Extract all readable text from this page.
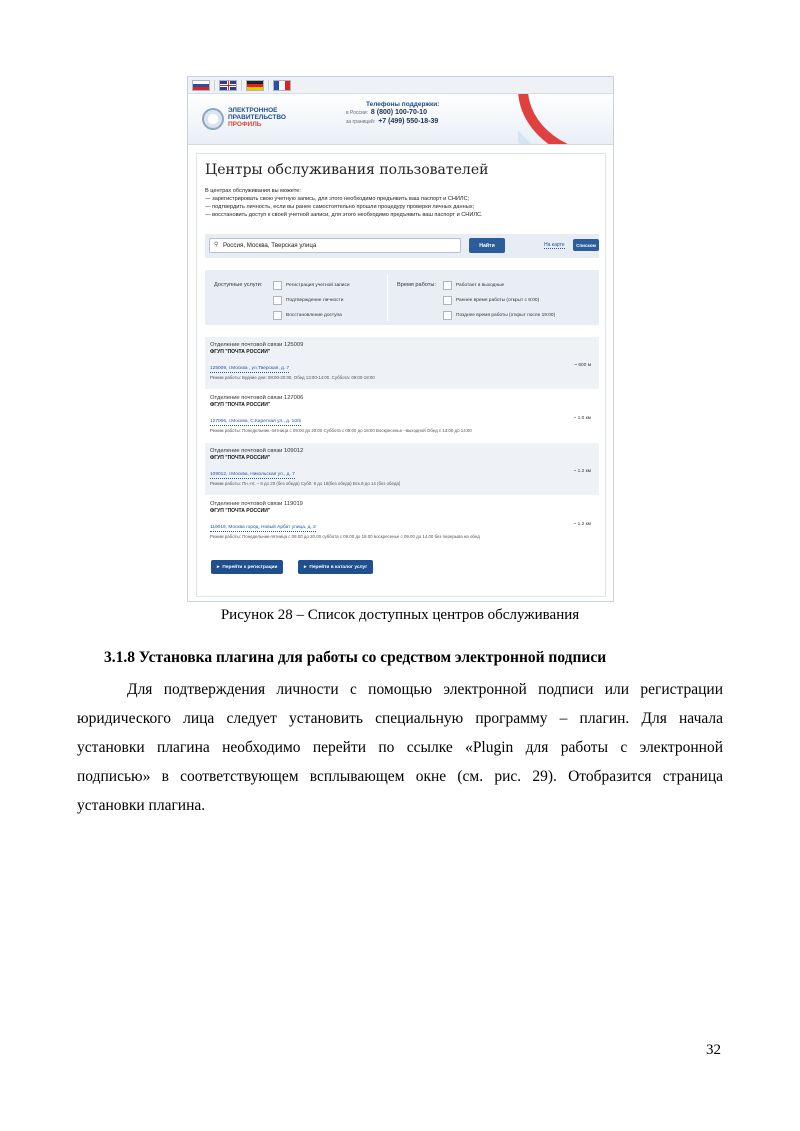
ЭЛЕКТРОННОЕ
ПРАВИТЕЛЬСТВО
ПРОФИЛЬ
Телефоны поддержки:
в России: 8 (800) 100-70-10
за границей: +7 (499) 550-18-39
Центры обслуживания пользователей
В центрах обслуживания вы можете:
— зарегистрировать свою учетную запись, для этого необходимо предъявить ваш паспорт и СНИЛС;
— подтвердить личность, если вы ранее самостоятельно прошли процедуру проверки личных данных;
— восстановить доступ к своей учетной записи, для этого необходимо предъявить ваш паспорт и СНИЛС.
⚲ Россия, Москва, Тверская улица	Найти	На карте	Списком
Доступные услуги:	Регистрация учетной записи
Подтверждение личности
Восстановление доступа
Время работы:	Работает в выходные
Раннее время работы (открыт с 8:00)
Позднее время работы (открыт после 19:00)
Отделение почтовой связи 125009
ФГУП "ПОЧТА РОССИИ"
125009, г.Москва , ул.Тверская, д. 7
Режим работы: Будние дни: 08:00-20:00, Обед 13:00-14:00. Суббота: 09:00-18:00
~ 600 м
Отделение почтовой связи 127006
ФГУП "ПОЧТА РОССИИ"
127006, г.Москва, С.Каретная ул., д. 10/5
Режим работы: Понедельник.-пятница с 09:00 до 20:00 Суббота с 09:00 до 18:00 Воскресенье –выходной Обед с 13:00 до 14:00
~ 1.0 км
Отделение почтовой связи 109012
ФГУП "ПОЧТА РОССИИ"
109012, г.Москва, Никольская ул., д. 7
Режим работы: Пн.-пт. – 8 до 20 (без обеда) Суб0. 9 до 18(без обеда) Вск.9 до 14 (без обеда)
~ 1.2 км
Отделение почтовой связи 119019
ФГУП "ПОЧТА РОССИИ"
119019, Москва город, Новый Арбат улица, д. 2
Режим работы: Понедельник-пятница с 08.00 до 20.00 суббота с 09.00 до 18.00 воскресенье с 09.00 до 14.00 без перерыва на обед
~ 1.2 км
▸ Перейти к регистрации	▸ Перейти в каталог услуг
Рисунок 28 – Список доступных центров обслуживания
3.1.8 Установка плагина для работы со средством электронной подписи
Для подтверждения личности с помощью электронной подписи или регистрации
юридического лица следует установить специальную программу – плагин. Для начала
установки плагина необходимо перейти по ссылке «Plugin для работы с электронной
подписью» в соответствующем всплывающем окне (см. рис. 29). Отобразится страница
установки плагина.
32
